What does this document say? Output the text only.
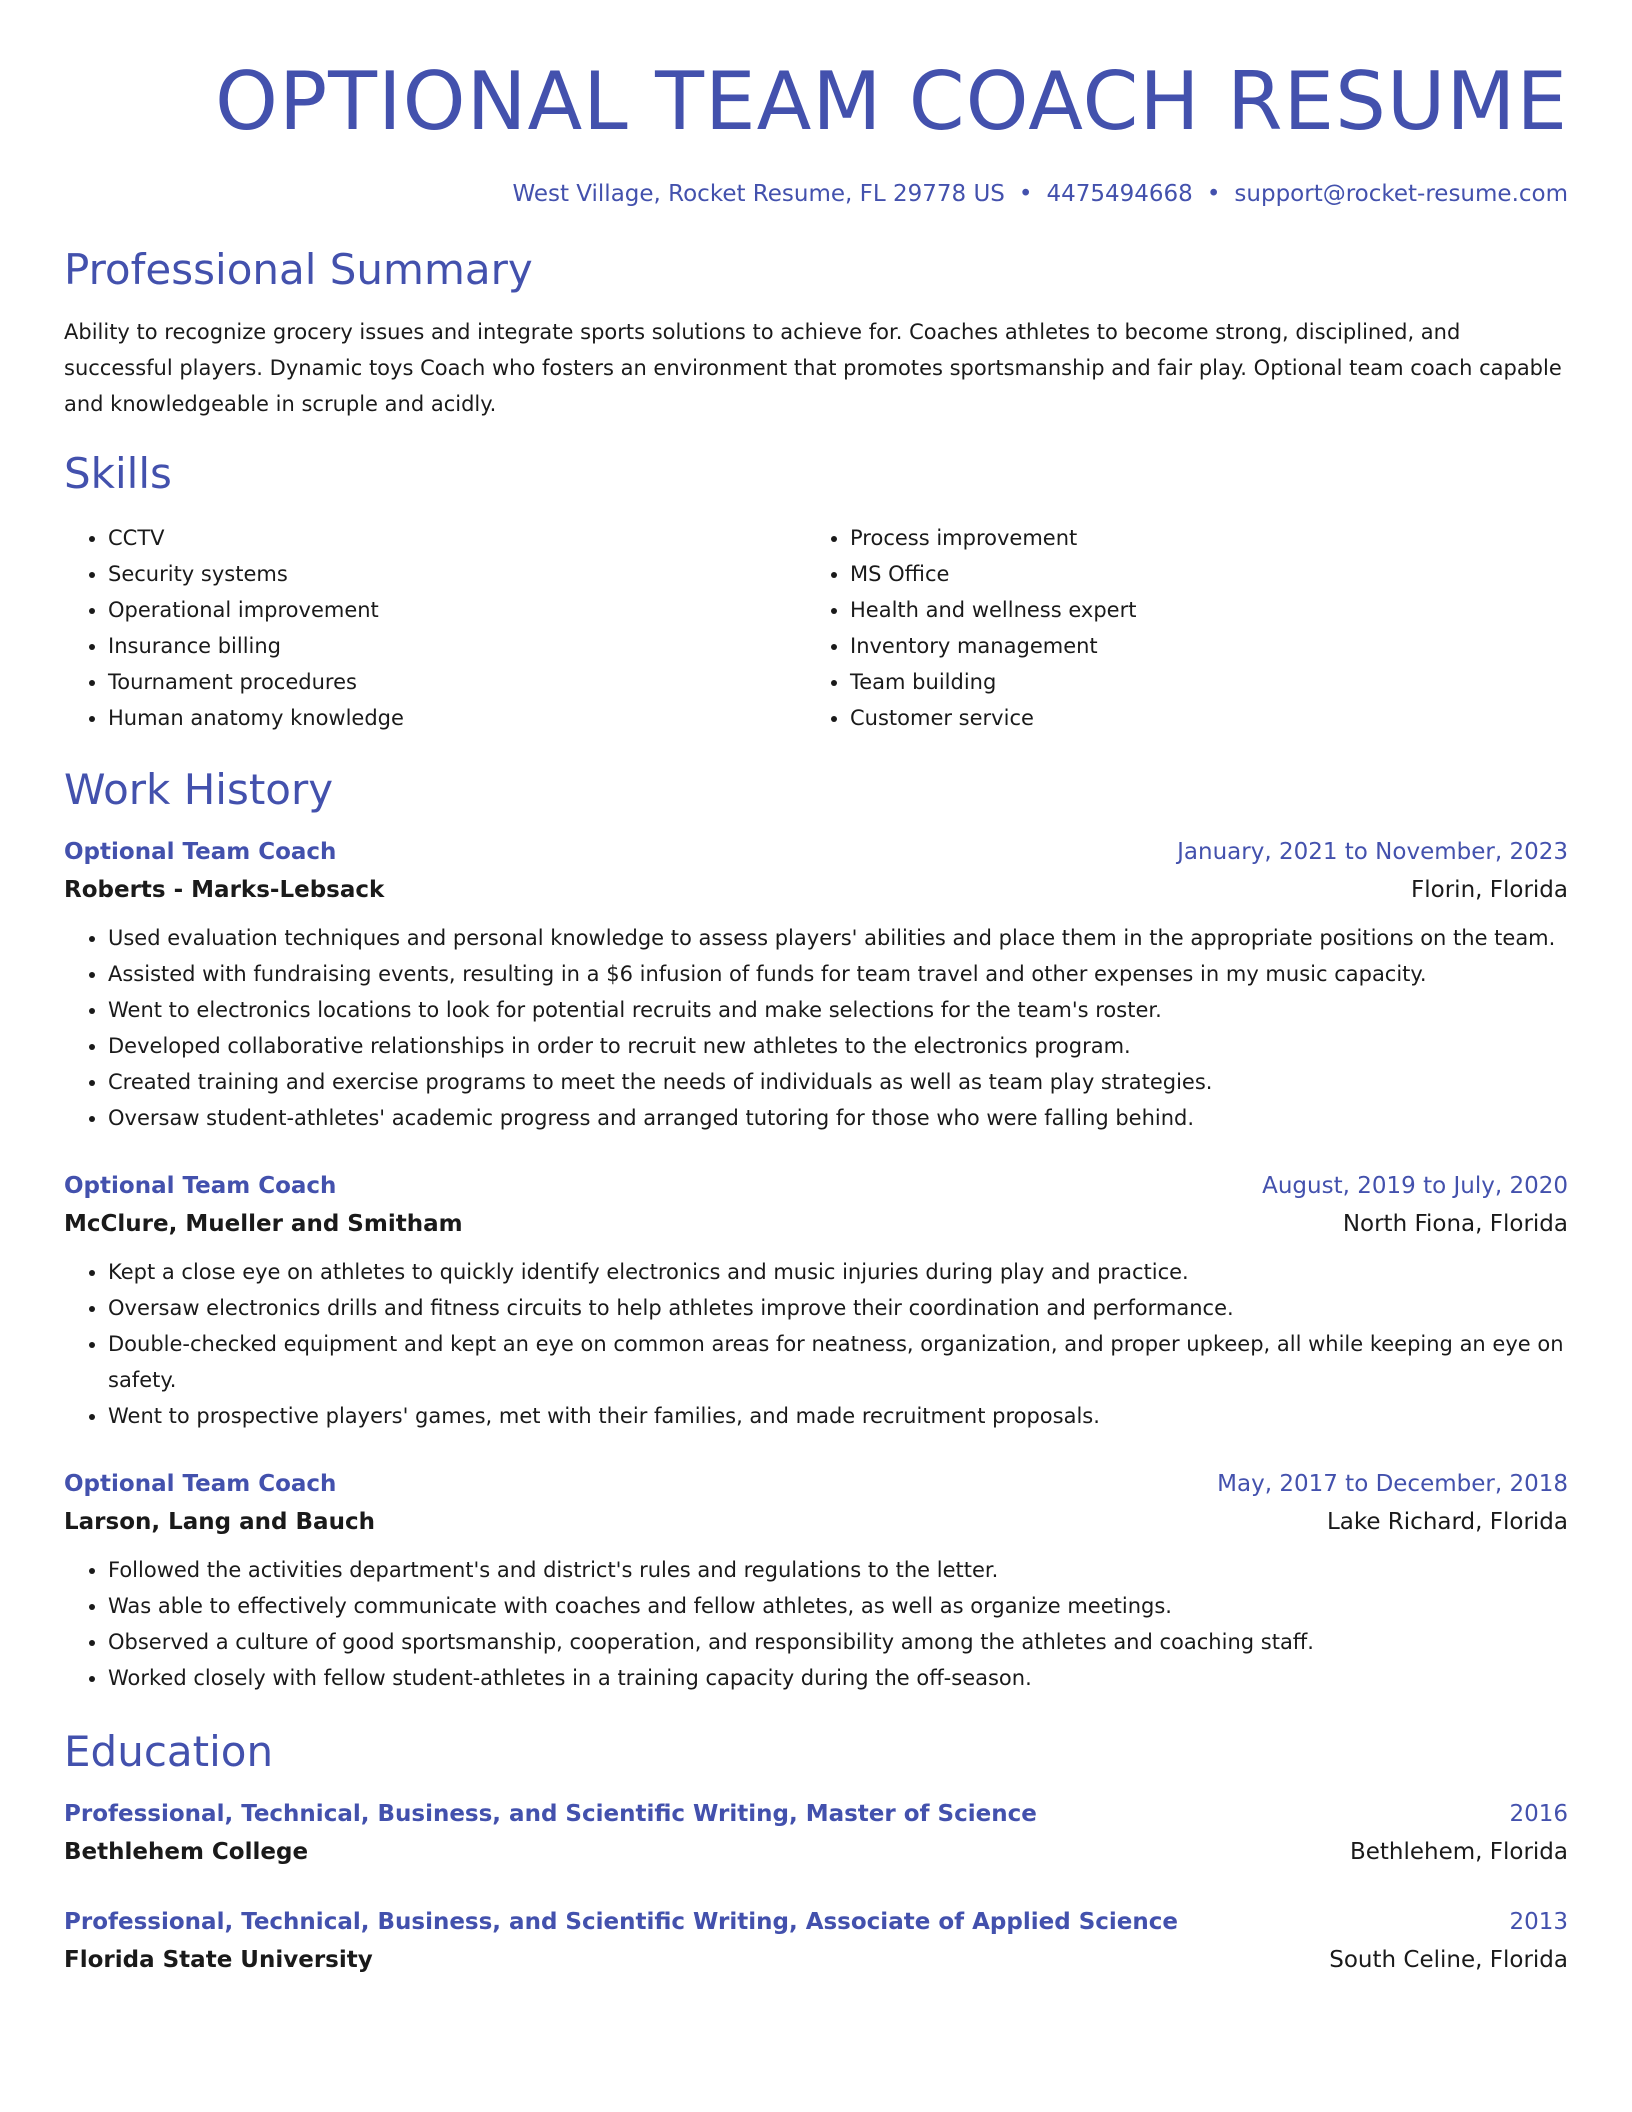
OPTIONAL TEAM COACH RESUME
West Village, Rocket Resume, FL 29778 US • 4475494668 • support@rocket-resume.com
Professional Summary

Ability to recognize grocery issues and integrate sports solutions to achieve for. Coaches athletes to become strong, disciplined, and successful players. Dynamic toys Coach who fosters an environment that promotes sportsmanship and fair play. Optional team coach capable and knowledgeable in scruple and acidly.

Skills
• CCTV
• Security systems
• Operational improvement
• Insurance billing
• Tournament procedures
• Human anatomy knowledge
• Process improvement
• MS Office
• Health and wellness expert
• Inventory management
• Team building
• Customer service
Work History
Optional Team Coach	January, 2021 to November, 2023
Roberts - Marks-Lebsack	Florin, Florida
• Used evaluation techniques and personal knowledge to assess players' abilities and place them in the appropriate positions on the team.
• Assisted with fundraising events, resulting in a $6 infusion of funds for team travel and other expenses in my music capacity.
• Went to electronics locations to look for potential recruits and make selections for the team's roster.
• Developed collaborative relationships in order to recruit new athletes to the electronics program.
• Created training and exercise programs to meet the needs of individuals as well as team play strategies.
• Oversaw student-athletes' academic progress and arranged tutoring for those who were falling behind.
Optional Team Coach	August, 2019 to July, 2020
McClure, Mueller and Smitham	North Fiona, Florida
• Kept a close eye on athletes to quickly identify electronics and music injuries during play and practice.
• Oversaw electronics drills and fitness circuits to help athletes improve their coordination and performance.
• Double-checked equipment and kept an eye on common areas for neatness, organization, and proper upkeep, all while keeping an eye on safety.
• Went to prospective players' games, met with their families, and made recruitment proposals.
Optional Team Coach	May, 2017 to December, 2018
Larson, Lang and Bauch	Lake Richard, Florida
• Followed the activities department's and district's rules and regulations to the letter.
• Was able to effectively communicate with coaches and fellow athletes, as well as organize meetings.
• Observed a culture of good sportsmanship, cooperation, and responsibility among the athletes and coaching staff.
• Worked closely with fellow student-athletes in a training capacity during the off-season.
Education
Professional, Technical, Business, and Scientific Writing, Master of Science	2016
Bethlehem College	Bethlehem, Florida
Professional, Technical, Business, and Scientific Writing, Associate of Applied Science	2013
Florida State University	South Celine, Florida
